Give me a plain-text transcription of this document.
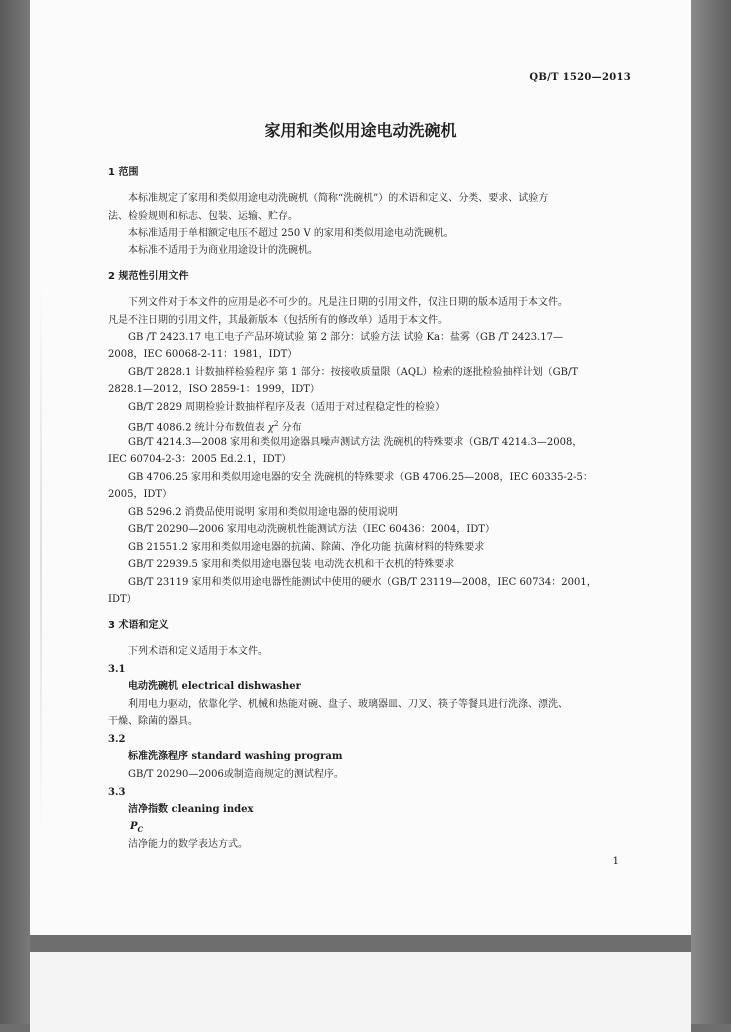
QB/T 1520—2013
家用和类似用途电动洗碗机
1 范围
本标准规定了家用和类似用途电动洗碗机（简称“洗碗机”）的术语和定义、分类、要求、试验方
法、检验规则和标志、包装、运输、贮存。
本标准适用于单相额定电压不超过 250 V 的家用和类似用途电动洗碗机。
本标准不适用于为商业用途设计的洗碗机。
2 规范性引用文件
下列文件对于本文件的应用是必不可少的。凡是注日期的引用文件，仅注日期的版本适用于本文件。
凡是不注日期的引用文件，其最新版本（包括所有的修改单）适用于本文件。
GB /T 2423.17 电工电子产品环境试验 第 2 部分：试验方法 试验 Ka：盐雾（GB /T 2423.17—
2008，IEC 60068-2-11：1981，IDT）
GB/T 2828.1 计数抽样检验程序 第 1 部分：按接收质量限（AQL）检索的逐批检验抽样计划（GB/T
2828.1—2012，ISO 2859-1：1999，IDT）
GB/T 2829 周期检验计数抽样程序及表（适用于对过程稳定性的检验）
GB/T 4086.2 统计分布数值表 $\chi^2$ 分布
GB/T 4214.3—2008 家用和类似用途器具噪声测试方法 洗碗机的特殊要求（GB/T 4214.3—2008，
IEC 60704-2-3：2005 Ed.2.1，IDT）
GB 4706.25 家用和类似用途电器的安全 洗碗机的特殊要求（GB 4706.25—2008，IEC 60335-2-5：
2005，IDT）
GB 5296.2 消费品使用说明 家用和类似用途电器的使用说明
GB/T 20290—2006 家用电动洗碗机性能测试方法（IEC 60436：2004，IDT）
GB 21551.2 家用和类似用途电器的抗菌、除菌、净化功能 抗菌材料的特殊要求
GB/T 22939.5 家用和类似用途电器包装 电动洗衣机和干衣机的特殊要求
GB/T 23119 家用和类似用途电器性能测试中使用的硬水（GB/T 23119—2008，IEC 60734：2001，
IDT）
3 术语和定义
下列术语和定义适用于本文件。
3.1
电动洗碗机 electrical dishwasher
利用电力驱动，依靠化学、机械和热能对碗、盘子、玻璃器皿、刀叉、筷子等餐具进行洗涤、漂洗、
干燥、除菌的器具。
3.2
标准洗涤程序 standard washing program
GB/T 20290—2006或制造商规定的测试程序。
3.3
洁净指数 cleaning index
$P_C$
洁净能力的数学表达方式。
1
